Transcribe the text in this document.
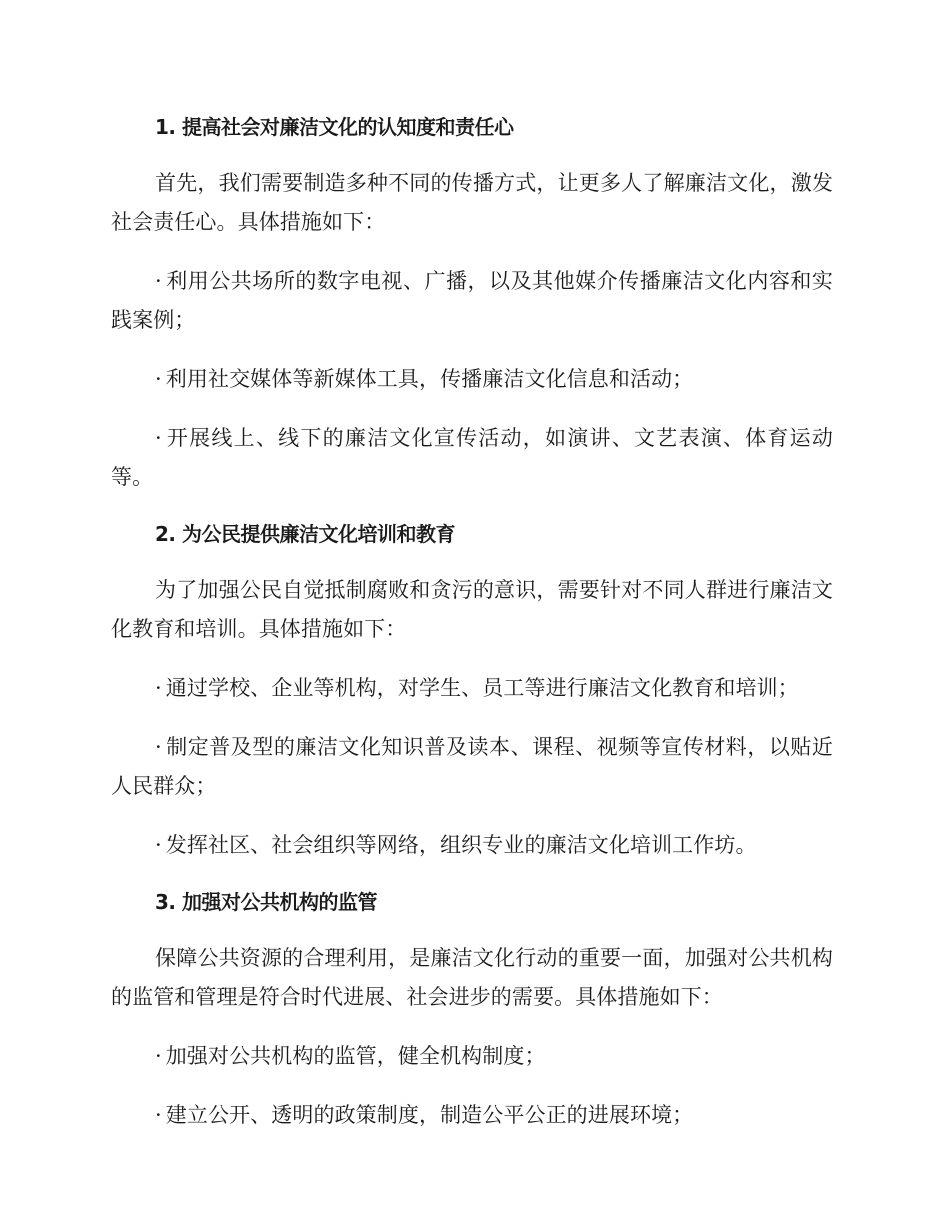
1. 提高社会对廉洁文化的认知度和责任心
首先，我们需要制造多种不同的传播方式，让更多人了解廉洁文化，激发社会责任心。具体措施如下：
· 利用公共场所的数字电视、广播，以及其他媒介传播廉洁文化内容和实践案例；
· 利用社交媒体等新媒体工具，传播廉洁文化信息和活动；
· 开展线上、线下的廉洁文化宣传活动，如演讲、文艺表演、体育运动等。
2. 为公民提供廉洁文化培训和教育
为了加强公民自觉抵制腐败和贪污的意识，需要针对不同人群进行廉洁文化教育和培训。具体措施如下：
· 通过学校、企业等机构，对学生、员工等进行廉洁文化教育和培训；
· 制定普及型的廉洁文化知识普及读本、课程、视频等宣传材料，以贴近人民群众；
· 发挥社区、社会组织等网络，组织专业的廉洁文化培训工作坊。
3. 加强对公共机构的监管
保障公共资源的合理利用，是廉洁文化行动的重要一面，加强对公共机构的监管和管理是符合时代进展、社会进步的需要。具体措施如下：
· 加强对公共机构的监管，健全机构制度；
· 建立公开、透明的政策制度，制造公平公正的进展环境；
